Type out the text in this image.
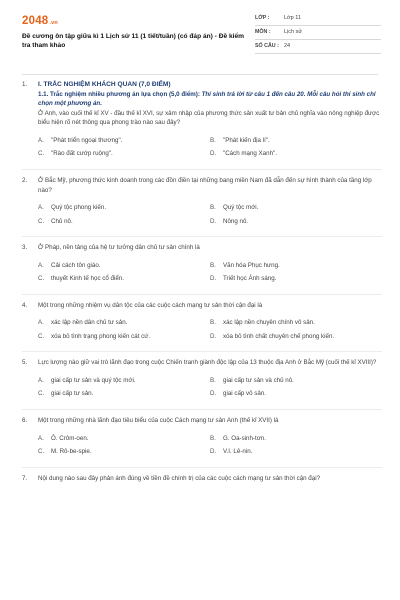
2048.vn
Đề cương ôn tập giữa kì 1 Lịch sử 11 (1 tiết/tuần) (có đáp án) - Đề kiểm tra tham khảo
LỚP :	Lớp 11
MÔN : Lịch sử
SỐ CÂU : 24
1.	I. TRẮC NGHIỆM KHÁCH QUAN (7,0 ĐIỂM)
1.1. Trắc nghiệm nhiều phương án lựa chọn (5,0 điểm): Thí sinh trả lời từ câu 1 đến câu 20. Mỗi câu hỏi thí sinh chỉ chọn một phương án.
Ở Anh, vào cuối thế kỉ XV - đầu thế kỉ XVI, sự xâm nhập của phương thức sản xuất tư bản chủ nghĩa vào nông nghiệp được biểu hiện rõ nét thông qua phong trào nào sau đây?
A.	"Phát triển ngoại thương".	B.	"Phát kiến địa lí".
C.	"Rào đất cướp ruộng".	D.	"Cách mạng Xanh".
2.	Ở Bắc Mỹ, phương thức kinh doanh trong các đồn điền tại những bang miền Nam đã dẫn đến sự hình thành của tầng lớp nào?
A.	Quý tộc phong kiến.	B.	Quý tộc mới.
C.	Chủ nô.	D.	Nông nô.
3.	Ở Pháp, nền tảng của hệ tư tưởng dân chủ tư sản chính là
A.	Cải cách tôn giáo.	B.	Văn hóa Phục hưng.
C.	thuyết Kinh tế học cổ điển.	D.	Triết học Ánh sáng.
4.	Một trong những nhiệm vụ dân tộc của các cuộc cách mạng tư sản thời cận đại là
A.	xác lập nền dân chủ tư sản.	B.	xác lập nền chuyên chính vô sản.
C.	xóa bỏ tình trạng phong kiến cát cứ.	D.	xóa bỏ tình chất chuyên chế phong kiến.
5.	Lực lượng nào giữ vai trò lãnh đạo trong cuộc Chiến tranh giành độc lập của 13 thuộc địa Anh ở Bắc Mỹ (cuối thế kỉ XVIII)?
A.	giai cấp tư sản và quý tộc mới.	B.	giai cấp tư sản và chủ nô.
C.	giai cấp tư sản.	D.	giai cấp vô sản.
6.	Một trong những nhà lãnh đạo tiêu biểu của cuộc Cách mạng tư sản Anh (thế kỉ XVII) là
A.	Ô. Crôm-oen.	B.	G. Oa-sinh-tơn.
C.	M. Rô-be-spie.	D.	V.I. Lê-nin.
7.	Nội dung nào sau đây phản ánh đúng về tiền đề chính trị của các cuộc cách mạng tư sản thời cận đại?
